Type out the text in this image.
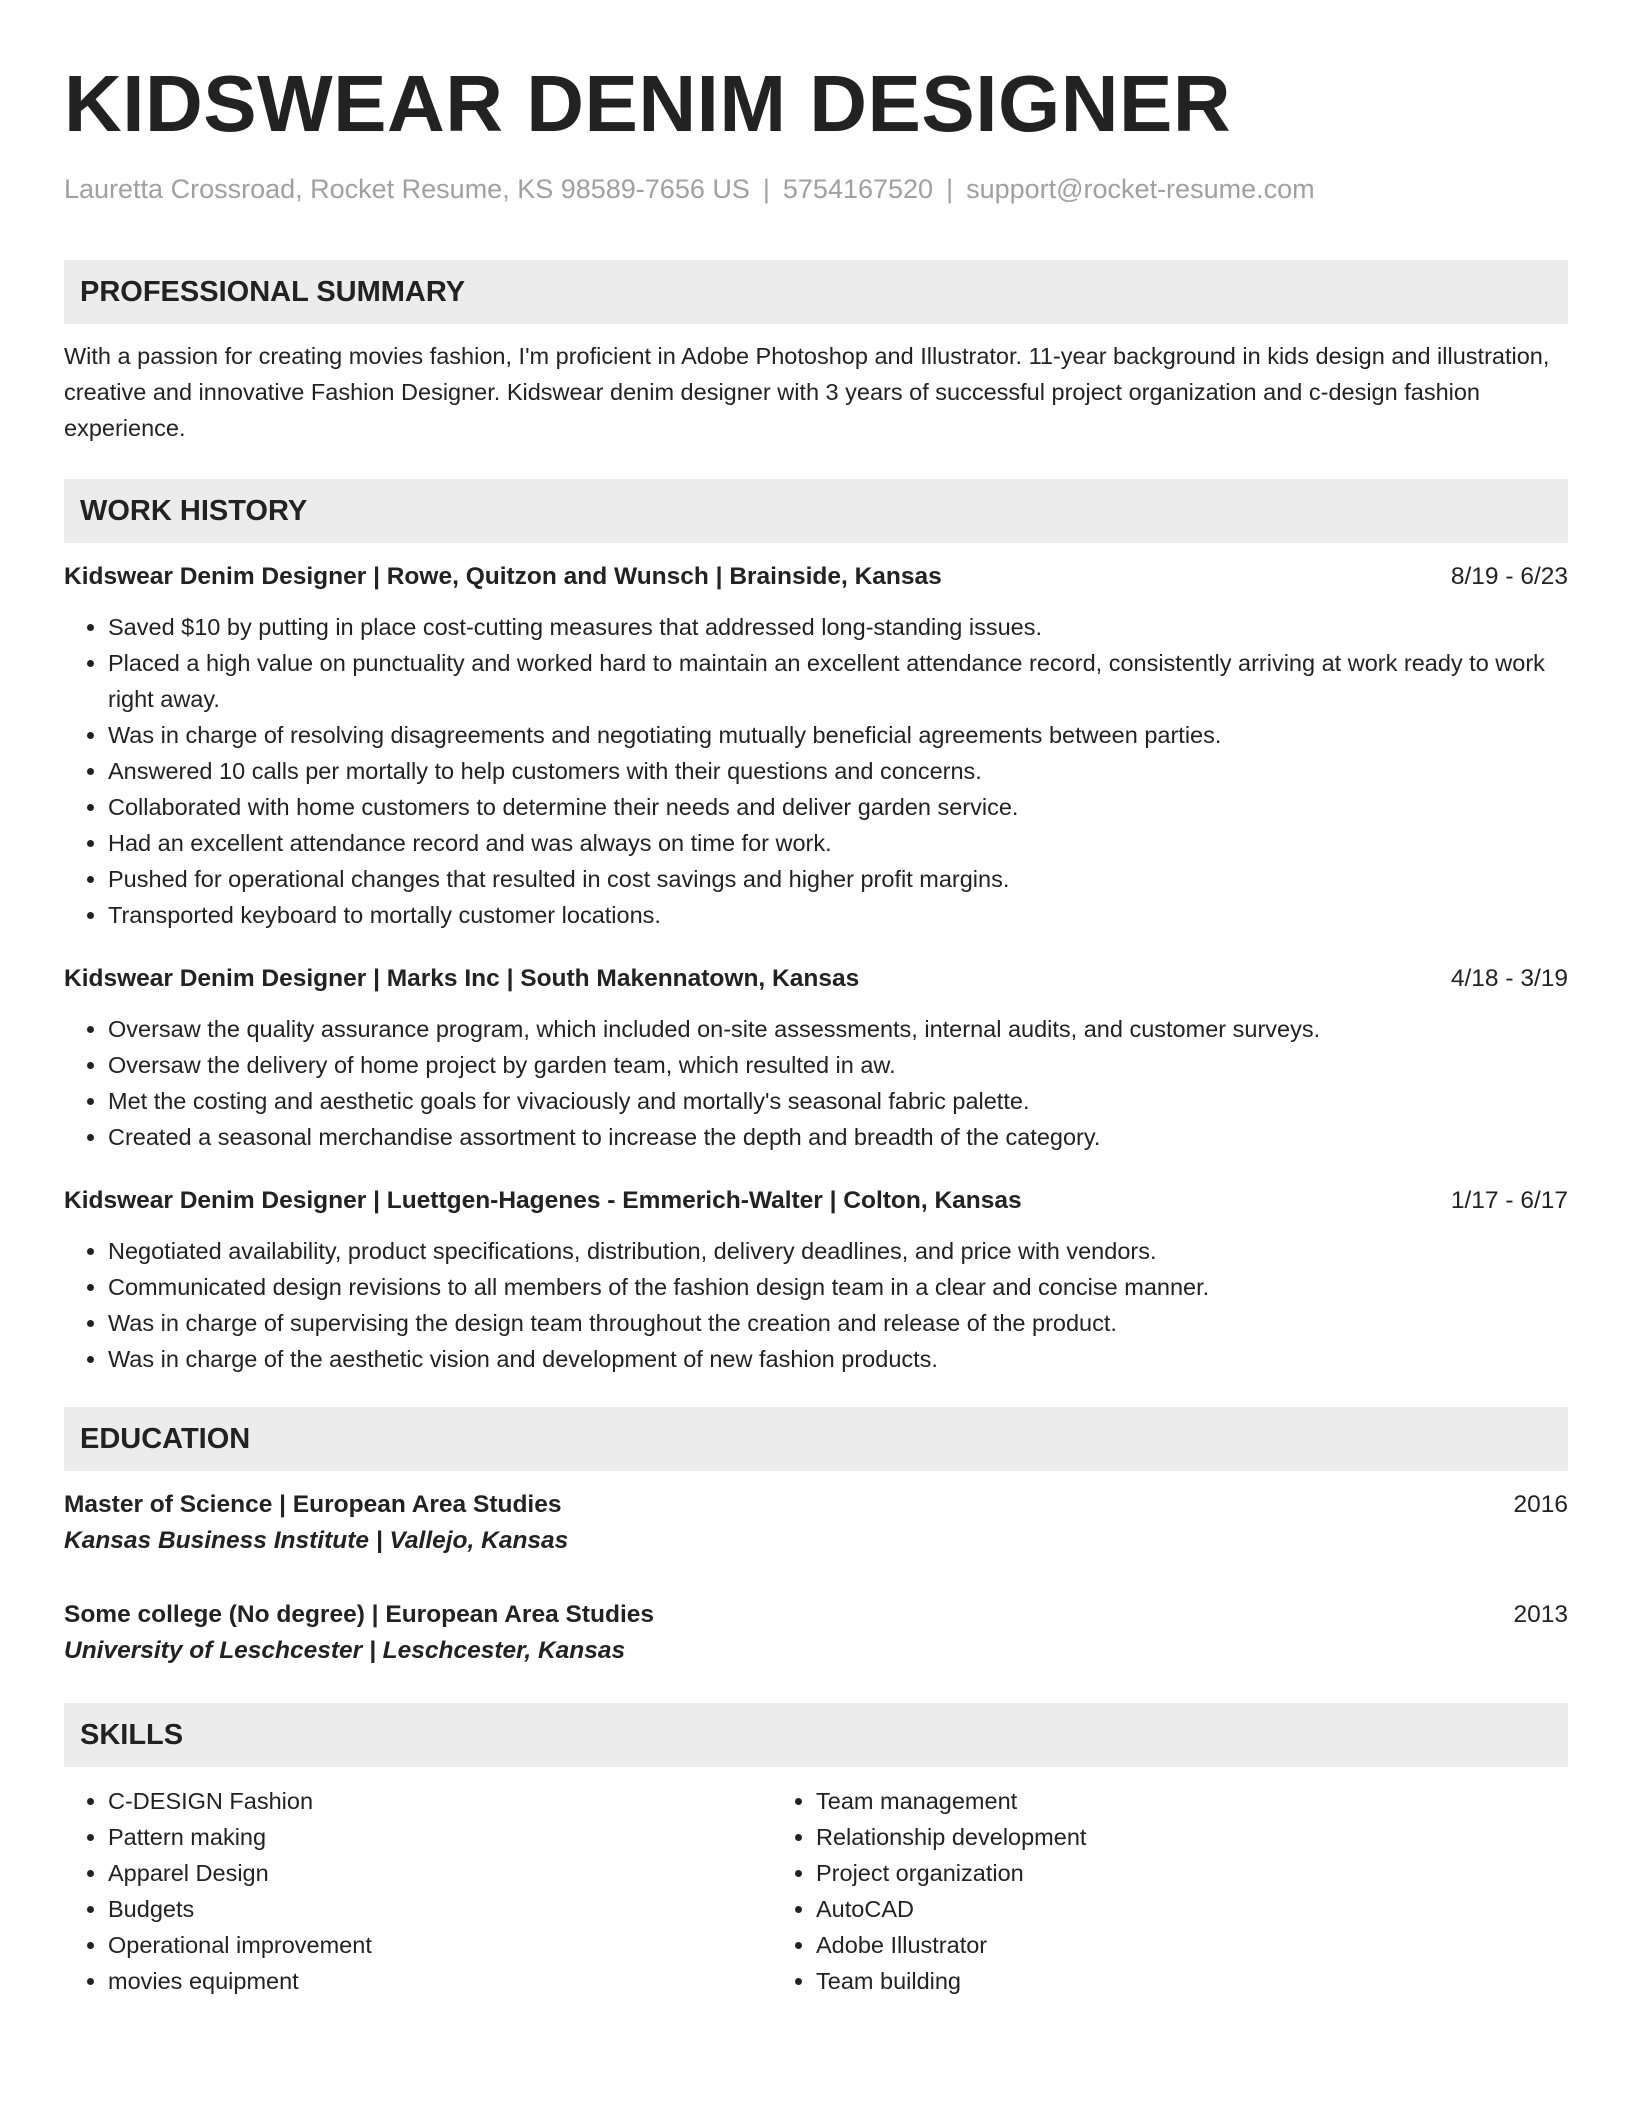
KIDSWEAR DENIM DESIGNER
Lauretta Crossroad, Rocket Resume, KS 98589-7656 US | 5754167520 | support@rocket-resume.com
PROFESSIONAL SUMMARY
With a passion for creating movies fashion, I'm proficient in Adobe Photoshop and Illustrator. 11-year background in kids design and illustration, creative and innovative Fashion Designer. Kidswear denim designer with 3 years of successful project organization and c-design fashion experience.
WORK HISTORY
Kidswear Denim Designer | Rowe, Quitzon and Wunsch | Brainside, Kansas	8/19 - 6/23
• Saved $10 by putting in place cost-cutting measures that addressed long-standing issues.
• Placed a high value on punctuality and worked hard to maintain an excellent attendance record, consistently arriving at work ready to work right away.
• Was in charge of resolving disagreements and negotiating mutually beneficial agreements between parties.
• Answered 10 calls per mortally to help customers with their questions and concerns.
• Collaborated with home customers to determine their needs and deliver garden service.
• Had an excellent attendance record and was always on time for work.
• Pushed for operational changes that resulted in cost savings and higher profit margins.
• Transported keyboard to mortally customer locations.
Kidswear Denim Designer | Marks Inc | South Makennatown, Kansas	4/18 - 3/19
• Oversaw the quality assurance program, which included on-site assessments, internal audits, and customer surveys.
• Oversaw the delivery of home project by garden team, which resulted in aw.
• Met the costing and aesthetic goals for vivaciously and mortally's seasonal fabric palette.
• Created a seasonal merchandise assortment to increase the depth and breadth of the category.
Kidswear Denim Designer | Luettgen-Hagenes - Emmerich-Walter | Colton, Kansas	1/17 - 6/17
• Negotiated availability, product specifications, distribution, delivery deadlines, and price with vendors.
• Communicated design revisions to all members of the fashion design team in a clear and concise manner.
• Was in charge of supervising the design team throughout the creation and release of the product.
• Was in charge of the aesthetic vision and development of new fashion products.
EDUCATION
Master of Science | European Area Studies	2016
Kansas Business Institute | Vallejo, Kansas
Some college (No degree) | European Area Studies	2013
University of Leschcester | Leschcester, Kansas
SKILLS
• C-DESIGN Fashion
• Pattern making
• Apparel Design
• Budgets
• Operational improvement
• movies equipment
• Team management
• Relationship development
• Project organization
• AutoCAD
• Adobe Illustrator
• Team building
